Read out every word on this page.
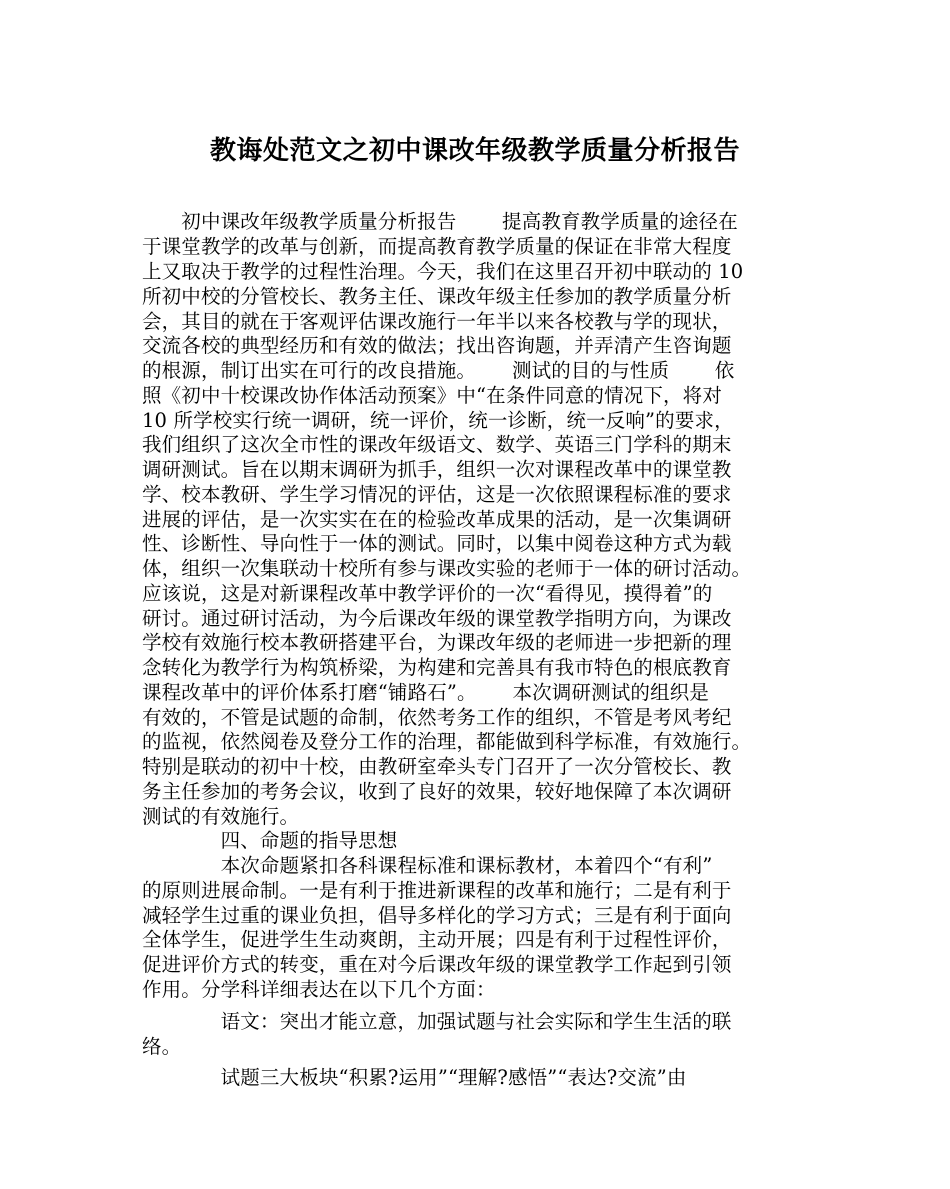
教诲处范文之初中课改年级教学质量分析报告
　　初中课改年级教学质量分析报告　　 提高教育教学质量的途径在
于课堂教学的改革与创新，而提高教育教学质量的保证在非常大程度
上又取决于教学的过程性治理。今天，我们在这里召开初中联动的 10
所初中校的分管校长、教务主任、课改年级主任参加的教学质量分析
会，其目的就在于客观评估课改施行一年半以来各校教与学的现状，
交流各校的典型经历和有效的做法；找出咨询题，并弄清产生咨询题
的根源，制订出实在可行的改良措施。　　 测试的目的与性质　　 依
照《初中十校课改协作体活动预案》中“在条件同意的情况下，将对
10 所学校实行统一调研，统一评价，统一诊断，统一反响”的要求，
我们组织了这次全市性的课改年级语文、数学、英语三门学科的期末
调研测试。旨在以期末调研为抓手，组织一次对课程改革中的课堂教
学、校本教研、学生学习情况的评估，这是一次依照课程标准的要求
进展的评估，是一次实实在在的检验改革成果的活动，是一次集调研
性、诊断性、导向性于一体的测试。同时，以集中阅卷这种方式为载
体，组织一次集联动十校所有参与课改实验的老师于一体的研讨活动。
应该说，这是对新课程改革中教学评价的一次“看得见，摸得着”的
研讨。通过研讨活动，为今后课改年级的课堂教学指明方向，为课改
学校有效施行校本教研搭建平台，为课改年级的老师进一步把新的理
念转化为教学行为构筑桥梁，为构建和完善具有我市特色的根底教育
课程改革中的评价体系打磨“铺路石”。　　 本次调研测试的组织是
有效的，不管是试题的命制，依然考务工作的组织，不管是考风考纪
的监视，依然阅卷及登分工作的治理，都能做到科学标准，有效施行。
特别是联动的初中十校，由教研室牵头专门召开了一次分管校长、教
务主任参加的考务会议，收到了良好的效果，较好地保障了本次调研
测试的有效施行。
　　　　四、命题的指导思想
　　　　本次命题紧扣各科课程标准和课标教材，本着四个“有利”
的原则进展命制。一是有利于推进新课程的改革和施行；二是有利于
减轻学生过重的课业负担，倡导多样化的学习方式；三是有利于面向
全体学生，促进学生生动爽朗，主动开展；四是有利于过程性评价，
促进评价方式的转变，重在对今后课改年级的课堂教学工作起到引领
作用。分学科详细表达在以下几个方面：
　　　　语文：突出才能立意，加强试题与社会实际和学生生活的联
络。
　　　　试题三大板块“积累?运用”“理解?感悟”“表达?交流”由
